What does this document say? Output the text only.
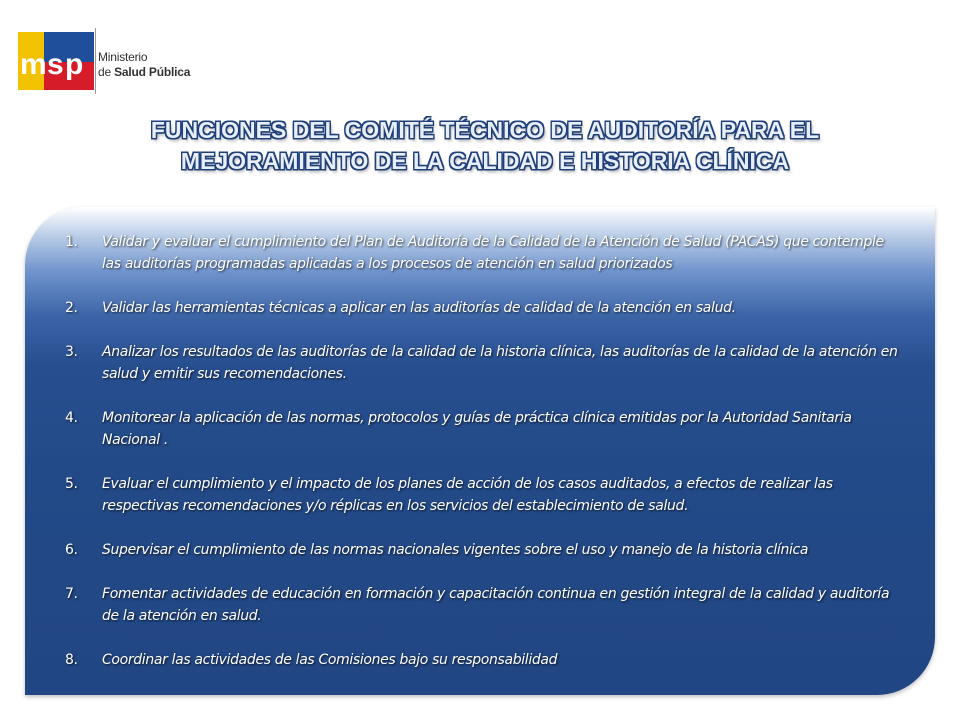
m s p Ministerio
de Salud Pública
FUNCIONES DEL COMITÉ TÉCNICO DE AUDITORÍA PARA EL
MEJORAMIENTO DE LA CALIDAD E HISTORIA CLÍNICA
1. Validar y evaluar el cumplimiento del Plan de Auditoría de la Calidad de la Atención de Salud (PACAS) que contemple las auditorías programadas aplicadas a los procesos de atención en salud priorizados
2. Validar las herramientas técnicas a aplicar en las auditorías de calidad de la atención en salud.
3. Analizar los resultados de las auditorías de la calidad de la historia clínica, las auditorías de la calidad de la atención en salud y emitir sus recomendaciones.
4. Monitorear la aplicación de las normas, protocolos y guías de práctica clínica emitidas por la Autoridad Sanitaria Nacional .
5. Evaluar el cumplimiento y el impacto de los planes de acción de los casos auditados, a efectos de realizar las respectivas recomendaciones y/o réplicas en los servicios del establecimiento de salud.
6. Supervisar el cumplimiento de las normas nacionales vigentes sobre el uso y manejo de la historia clínica
7. Fomentar actividades de educación en formación y capacitación continua en gestión integral de la calidad y auditoría de la atención en salud.
8. Coordinar las actividades de las Comisiones bajo su responsabilidad
